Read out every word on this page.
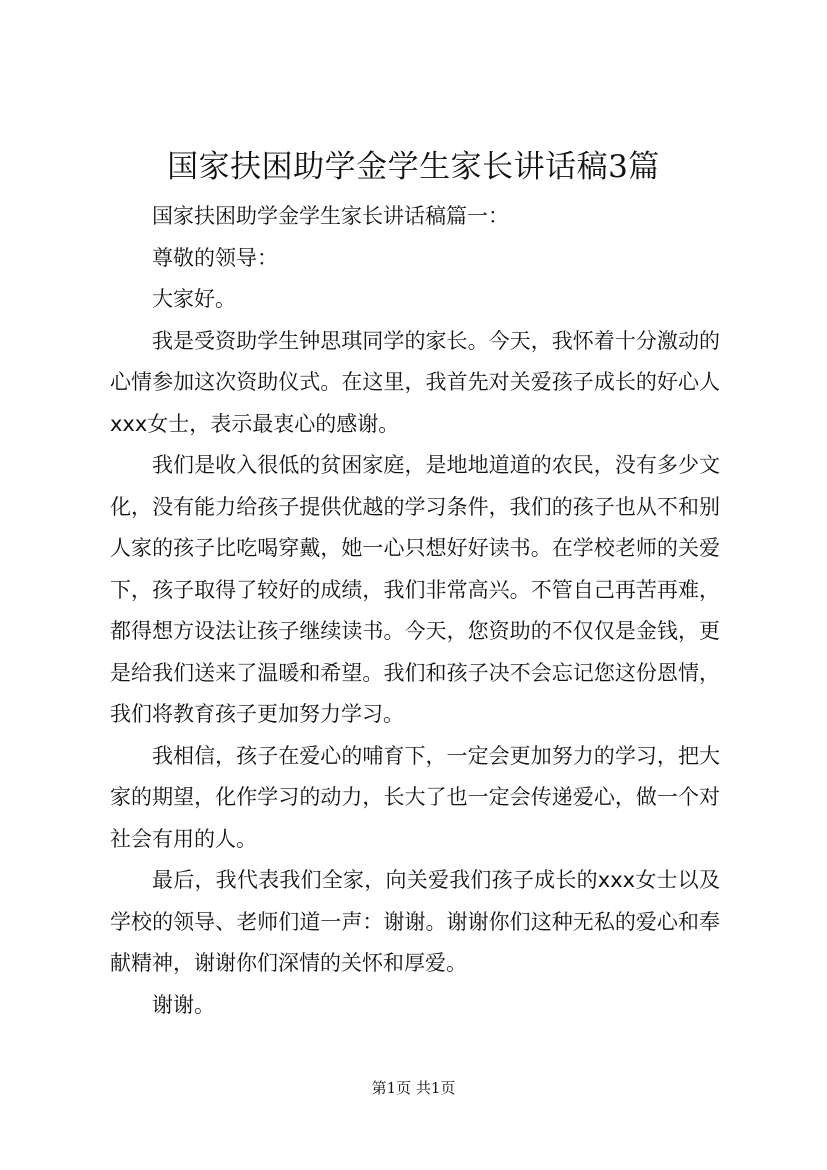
国家扶困助学金学生家长讲话稿3篇

国家扶困助学金学生家长讲话稿篇一：

尊敬的领导：

大家好。

我是受资助学生钟思琪同学的家长。今天，我怀着十分激动的心情参加这次资助仪式。在这里，我首先对关爱孩子成长的好心人xxx女士，表示最衷心的感谢。

我们是收入很低的贫困家庭，是地地道道的农民，没有多少文化，没有能力给孩子提供优越的学习条件，我们的孩子也从不和别人家的孩子比吃喝穿戴，她一心只想好好读书。在学校老师的关爱下，孩子取得了较好的成绩，我们非常高兴。不管自己再苦再难，都得想方设法让孩子继续读书。今天，您资助的不仅仅是金钱，更是给我们送来了温暖和希望。我们和孩子决不会忘记您这份恩情，我们将教育孩子更加努力学习。

我相信，孩子在爱心的哺育下，一定会更加努力的学习，把大家的期望，化作学习的动力，长大了也一定会传递爱心，做一个对社会有用的人。

最后，我代表我们全家，向关爱我们孩子成长的xxx女士以及学校的领导、老师们道一声：谢谢。谢谢你们这种无私的爱心和奉献精神，谢谢你们深情的关怀和厚爱。

谢谢。

第1页 共1页
